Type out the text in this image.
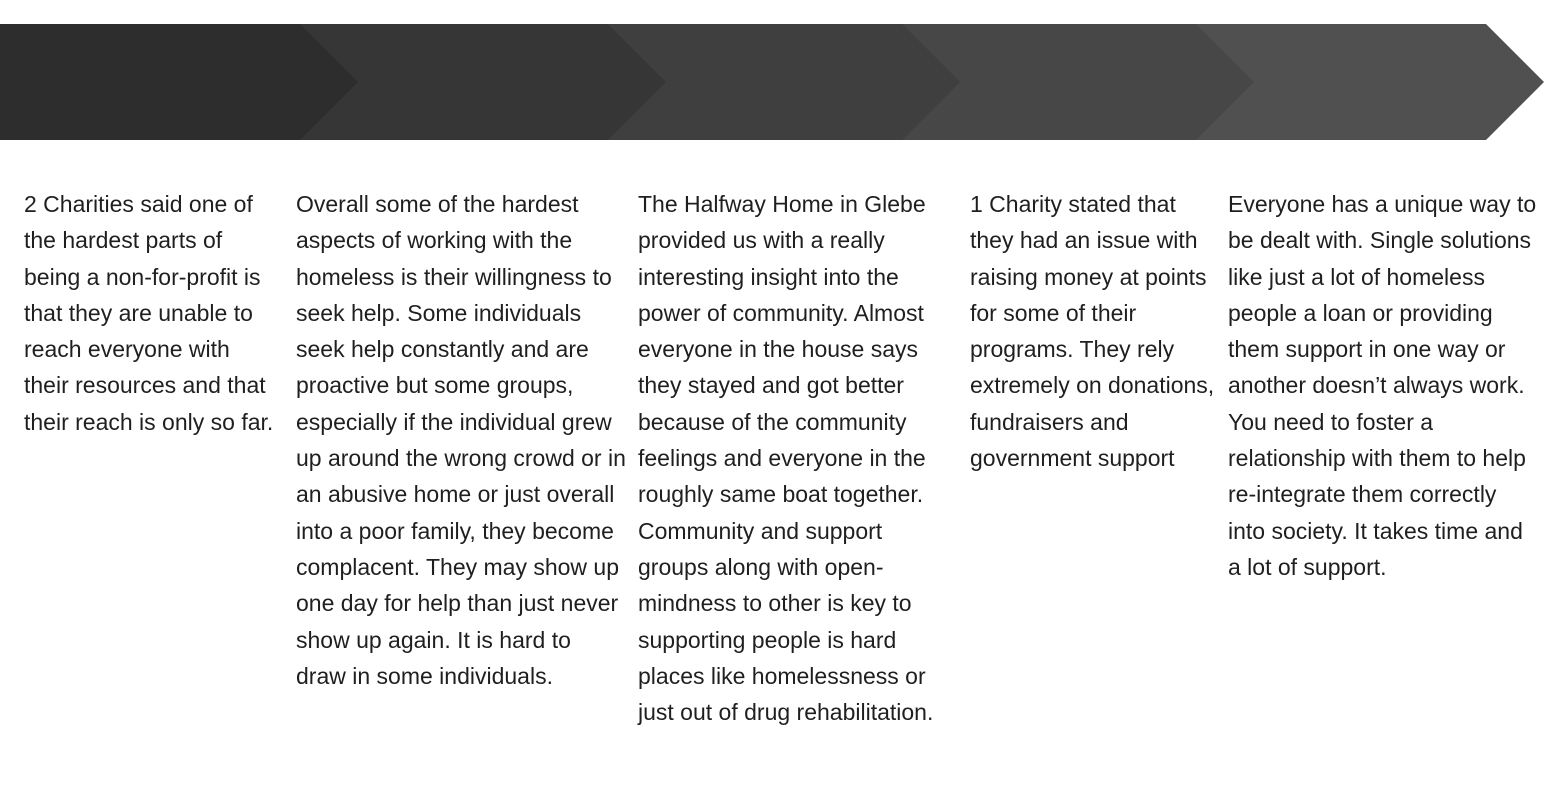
2 Charities said one of the hardest parts of being a non-for-profit is that they are unable to reach everyone with their resources and that their reach is only so far.

Overall some of the hardest aspects of working with the homeless is their willingness to seek help. Some individuals seek help constantly and are proactive but some groups, especially if the individual grew up around the wrong crowd or in an abusive home or just overall into a poor family, they become complacent. They may show up one day for help than just never show up again. It is hard to draw in some individuals.

The Halfway Home in Glebe provided us with a really interesting insight into the power of community. Almost everyone in the house says they stayed and got better because of the community feelings and everyone in the roughly same boat together. Community and support groups along with open-mindness to other is key to supporting people is hard places like homelessness or just out of drug rehabilitation.

1 Charity stated that they had an issue with raising money at points for some of their programs. They rely extremely on donations, fundraisers and government support

Everyone has a unique way to be dealt with. Single solutions like just a lot of homeless people a loan or providing them support in one way or another doesn’t always work. You need to foster a relationship with them to help re-integrate them correctly into society. It takes time and a lot of support.
